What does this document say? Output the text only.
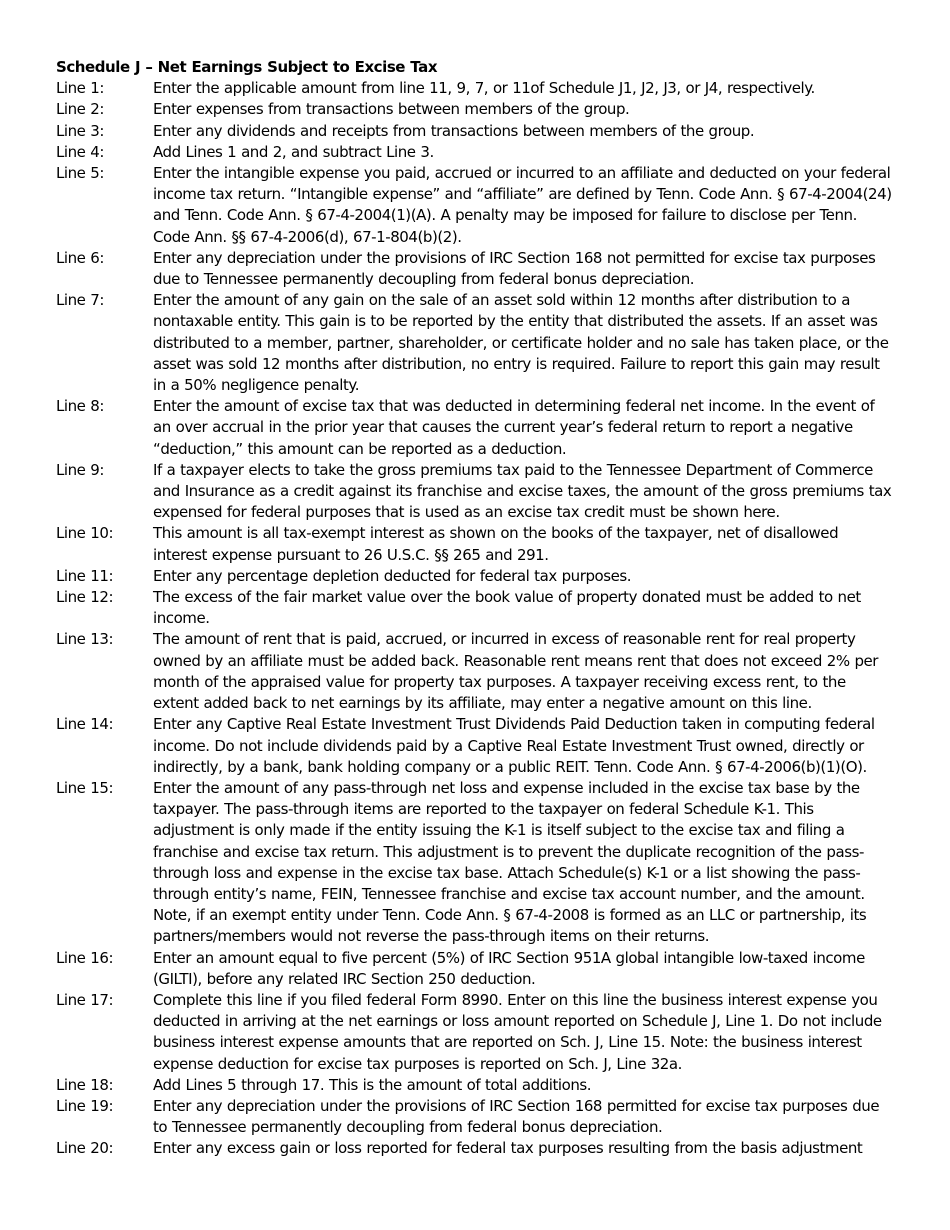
Schedule J – Net Earnings Subject to Excise Tax
Line 1:	Enter the applicable amount from line 11, 9, 7, or 11of Schedule J1, J2, J3, or J4, respectively.
Line 2:	Enter expenses from transactions between members of the group.
Line 3:	Enter any dividends and receipts from transactions between members of the group.
Line 4:	Add Lines 1 and 2, and subtract Line 3.
Line 5:	Enter the intangible expense you paid, accrued or incurred to an affiliate and deducted on your federal income tax return. “Intangible expense” and “affiliate” are defined by Tenn. Code Ann. § 67-4-2004(24) and Tenn. Code Ann. § 67-4-2004(1)(A). A penalty may be imposed for failure to disclose per Tenn. Code Ann. §§ 67-4-2006(d), 67-1-804(b)(2).
Line 6:	Enter any depreciation under the provisions of IRC Section 168 not permitted for excise tax purposes due to Tennessee permanently decoupling from federal bonus depreciation.
Line 7:	Enter the amount of any gain on the sale of an asset sold within 12 months after distribution to a nontaxable entity. This gain is to be reported by the entity that distributed the assets. If an asset was distributed to a member, partner, shareholder, or certificate holder and no sale has taken place, or the asset was sold 12 months after distribution, no entry is required. Failure to report this gain may result in a 50% negligence penalty.
Line 8:	Enter the amount of excise tax that was deducted in determining federal net income. In the event of an over accrual in the prior year that causes the current year’s federal return to report a negative “deduction,” this amount can be reported as a deduction.
Line 9:	If a taxpayer elects to take the gross premiums tax paid to the Tennessee Department of Commerce and Insurance as a credit against its franchise and excise taxes, the amount of the gross premiums tax expensed for federal purposes that is used as an excise tax credit must be shown here.
Line 10:	This amount is all tax-exempt interest as shown on the books of the taxpayer, net of disallowed interest expense pursuant to 26 U.S.C. §§ 265 and 291.
Line 11:	Enter any percentage depletion deducted for federal tax purposes.
Line 12:	The excess of the fair market value over the book value of property donated must be added to net income.
Line 13:	The amount of rent that is paid, accrued, or incurred in excess of reasonable rent for real property owned by an affiliate must be added back. Reasonable rent means rent that does not exceed 2% per month of the appraised value for property tax purposes. A taxpayer receiving excess rent, to the extent added back to net earnings by its affiliate, may enter a negative amount on this line.
Line 14:	Enter any Captive Real Estate Investment Trust Dividends Paid Deduction taken in computing federal income. Do not include dividends paid by a Captive Real Estate Investment Trust owned, directly or indirectly, by a bank, bank holding company or a public REIT. Tenn. Code Ann. § 67-4-2006(b)(1)(O).
Line 15:	Enter the amount of any pass-through net loss and expense included in the excise tax base by the taxpayer. The pass-through items are reported to the taxpayer on federal Schedule K-1. This adjustment is only made if the entity issuing the K-1 is itself subject to the excise tax and filing a franchise and excise tax return. This adjustment is to prevent the duplicate recognition of the pass-through loss and expense in the excise tax base. Attach Schedule(s) K-1 or a list showing the pass-through entity’s name, FEIN, Tennessee franchise and excise tax account number, and the amount. Note, if an exempt entity under Tenn. Code Ann. § 67-4-2008 is formed as an LLC or partnership, its partners/members would not reverse the pass-through items on their returns.
Line 16:	Enter an amount equal to five percent (5%) of IRC Section 951A global intangible low-taxed income (GILTI), before any related IRC Section 250 deduction.
Line 17:	Complete this line if you filed federal Form 8990. Enter on this line the business interest expense you deducted in arriving at the net earnings or loss amount reported on Schedule J, Line 1. Do not include business interest expense amounts that are reported on Sch. J, Line 15. Note: the business interest expense deduction for excise tax purposes is reported on Sch. J, Line 32a.
Line 18:	Add Lines 5 through 17. This is the amount of total additions.
Line 19:	Enter any depreciation under the provisions of IRC Section 168 permitted for excise tax purposes due to Tennessee permanently decoupling from federal bonus depreciation.
Line 20:	Enter any excess gain or loss reported for federal tax purposes resulting from the basis adjustment
